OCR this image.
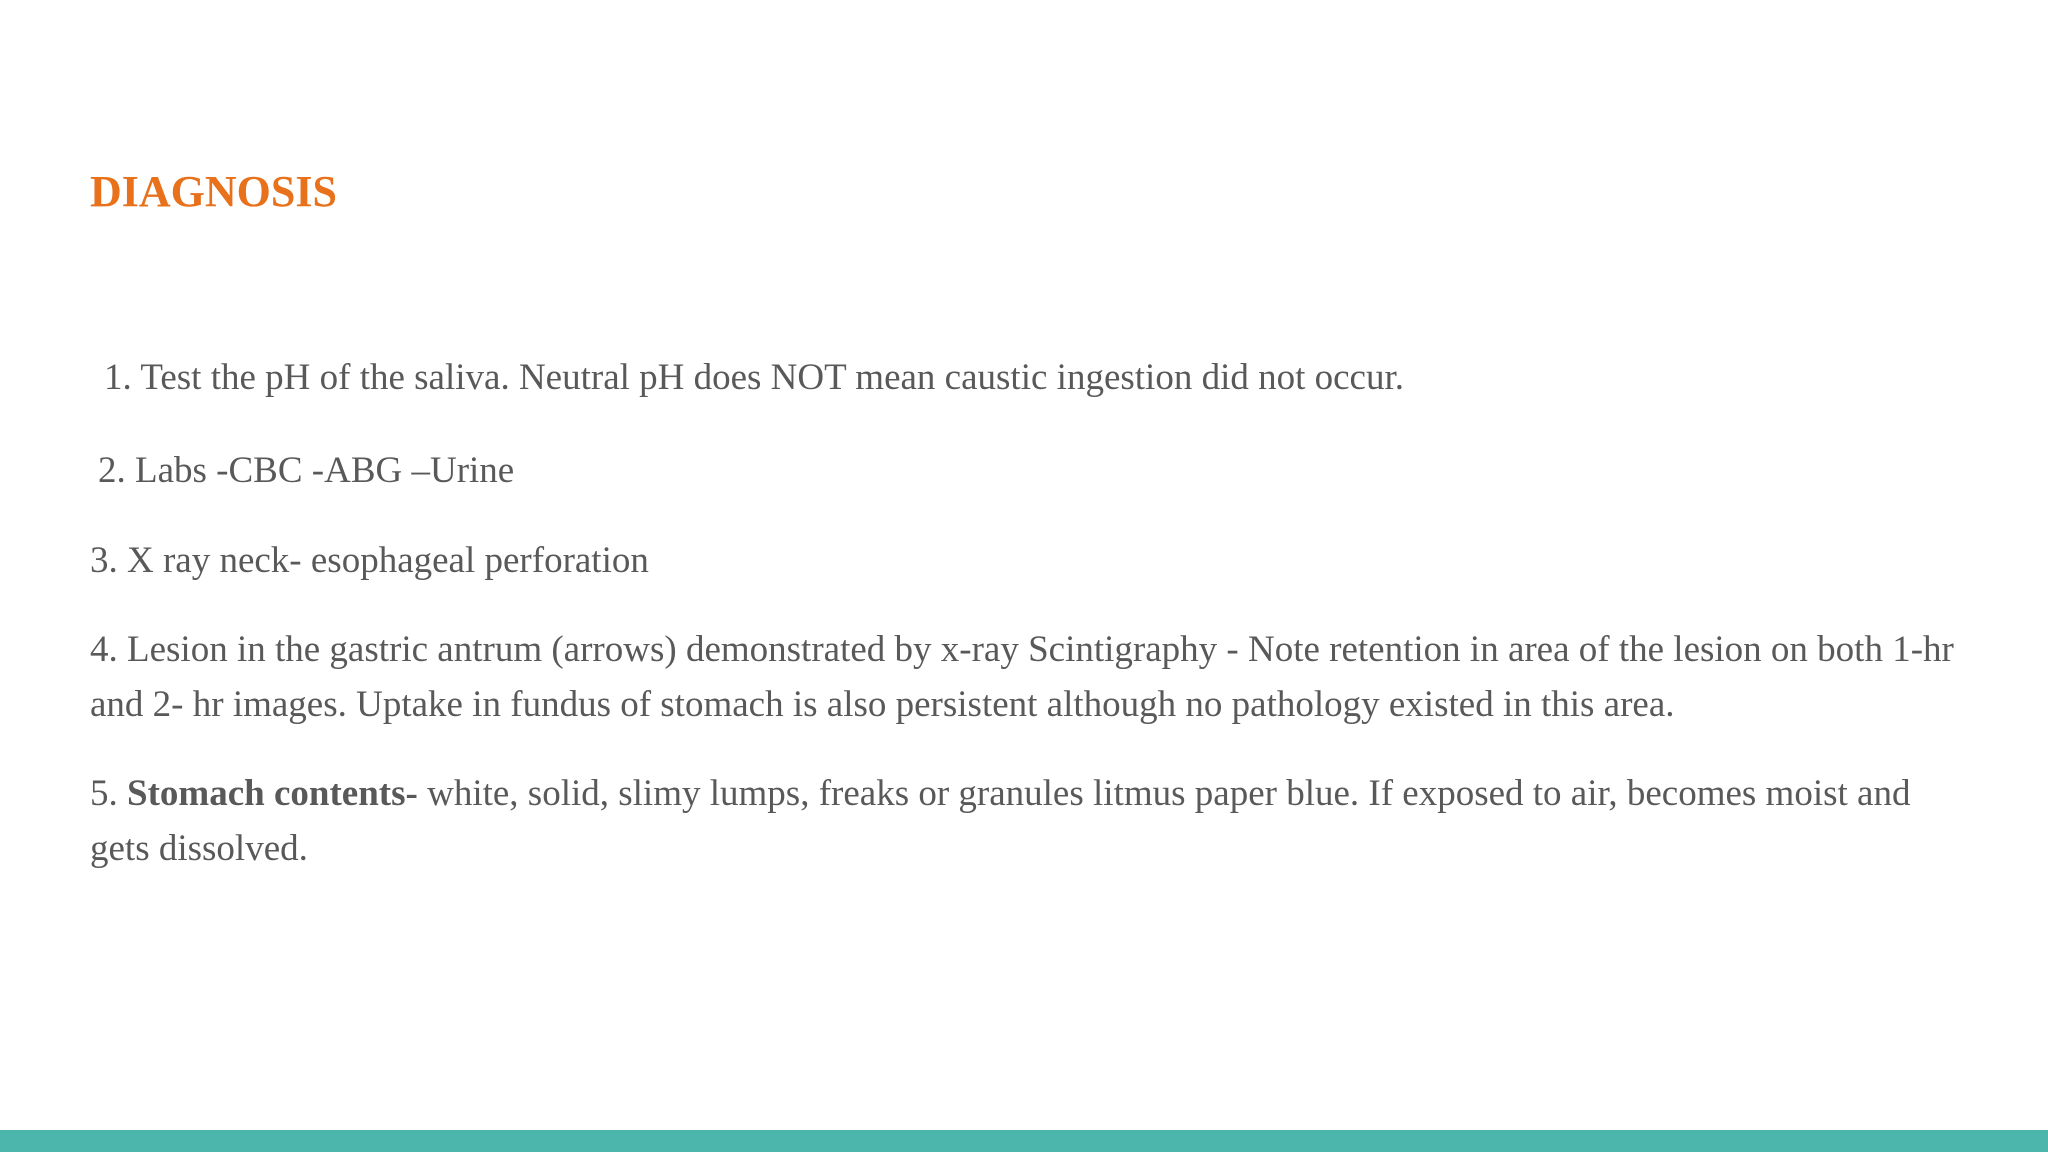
DIAGNOSIS

1. Test the pH of the saliva. Neutral pH does NOT mean caustic ingestion did not occur.

2. Labs -CBC -ABG –Urine

3. X ray neck- esophageal perforation

4. Lesion in the gastric antrum (arrows) demonstrated by x-ray Scintigraphy - Note retention in area of the lesion on both 1-hr and 2- hr images. Uptake in fundus of stomach is also persistent although no pathology existed in this area.

5. Stomach contents- white, solid, slimy lumps, freaks or granules litmus paper blue. If exposed to air, becomes moist and gets dissolved.
